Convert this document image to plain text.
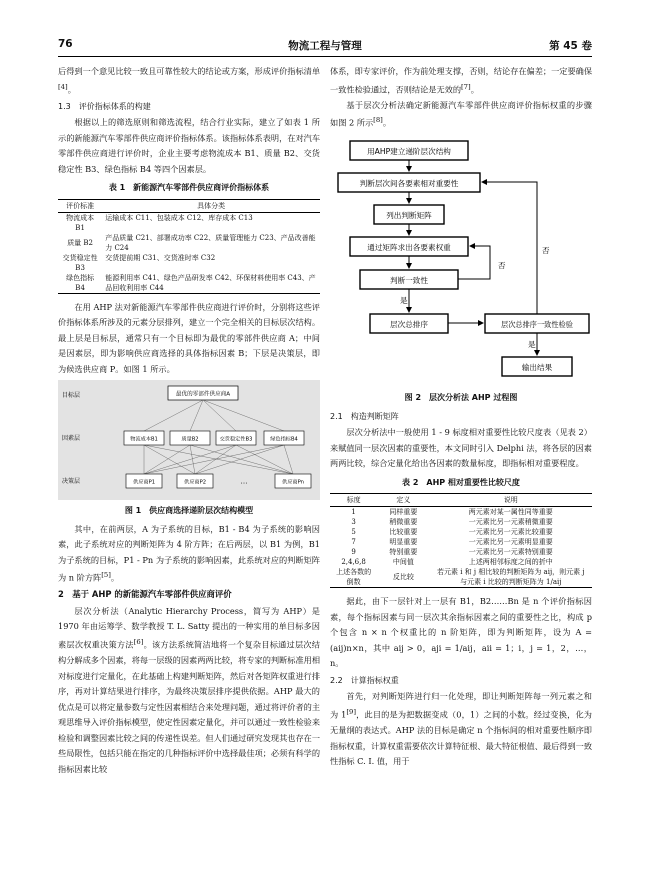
76	物流工程与管理	第 45 卷

后得到一个意见比较一致且可靠性较大的结论或方案，形成评价指标清单[4]。

1.3　评价指标体系的构建

根据以上的筛选原则和筛选流程，结合行业实际，建立了如表 1 所示的新能源汽车零部件供应商评价指标体系。该指标体系表明，在对汽车零部件供应商进行评价时，企业主要考虑物流成本 B1、质量 B2、交货稳定性 B3、绿色指标 B4 等四个因素层。

表 1　新能源汽车零部件供应商评价指标体系
评价标准	具体分类
物流成本 B1	运输成本 C11、包装成本 C12、库存成本 C13
质量 B2	产品质量 C21、部署成功率 C22、质量管理能力 C23、产品改善能力 C24
交货稳定性 B3	交货提前期 C31、交货准时率 C32
绿色指标 B4	能源利用率 C41、绿色产品研发率 C42、环保材料使用率 C43、产品回收利用率 C44

在用 AHP 法对新能源汽车零部件供应商进行评价时，分别将这些评价指标体系所涉及的元素分层排列，建立一个完全相关的目标层次结构。最上层是目标层，通常只有一个目标即为最优的零部件供应商 A；中间是因素层，即为影响供应商选择的具体指标因素 B；下层是决策层，即为候选供应商 P。如图 1 所示。

目标层
因素层
决策层
最优的零部件供应商A
物流成本B1	质量B2	交货稳定性B3	绿色指标B4
供应商P1	供应商P2	…	供应商Pn
图 1　供应商选择递阶层次结构模型

其中，在前两层，A 为子系统的目标，B1 - B4 为子系统的影响因素，此子系统对应的判断矩阵为 4 阶方阵；在后两层，以 B1 为例，B1 为子系统的目标，P1 - Pn 为子系统的影响因素，此系统对应的判断矩阵为 n 阶方阵[5]。

2　基于 AHP 的新能源汽车零部件供应商评价

层次分析法（Analytic Hierarchy Process，简写为 AHP）是 1970 年由运筹学、数学教授 T. L. Satty 提出的一种实用的单目标多因素层次权重决策方法[6]。该方法系统简洁地将一个复杂目标通过层次结构分解成多个因素，将每一层级的因素两两比较，将专家的判断标准用相对标度进行定量化，在此基础上构建判断矩阵，然后对各矩阵权重进行排序，再对计算结果进行排序，为最终决策层排序提供依据。AHP 最大的优点是可以将定量参数与定性因素相结合来处理问题，通过将评价者的主观思维导入评价指标模型，使定性因素定量化，并可以通过一致性检验来检验和调整因素比较之间的传递性误差。但人们通过研究发现其也存在一些局限性，包括只能在指定的几种指标评价中选择最佳项；必须有科学的指标因素比较

体系，即专家评价，作为前处理支撑，否则，结论存在偏差；一定要确保一致性检验通过，否则结论是无效的[7]。

基于层次分析法确定新能源汽车零部件供应商评价指标权重的步骤如图 2 所示[8]。

用AHP建立递阶层次结构
判断层次间各要素相对重要性
列出判断矩阵
通过矩阵求出各要素权重
判断一致性
否
是
层次总排序	层次总排序一致性检验
否
是
输出结果
图 2　层次分析法 AHP 过程图
2.1　构造判断矩阵

层次分析法中一般使用 1 - 9 标度相对重要性比较尺度表（见表 2）来赋值同一层次因素的重要性，本文同时引入 Delphi 法，将各层的因素两两比较，综合定量化给出各因素的数量标度，即指标相对重要程度。

表 2　AHP 相对重要性比较尺度
标度	定义	说明
1	同样重要	两元素对某一属性同等重要
3	稍微重要	一元素比另一元素稍微重要
5	比较重要	一元素比另一元素比较重要
7	明显重要	一元素比另一元素明显重要
9	特别重要	一元素比另一元素特别重要
2,4,6,8	中间值	上述两相邻标度之间的折中
上述各数的倒数	反比较	若元素 i 和 j 相比较的判断矩阵为 aij，则元素 j 与元素 i 比较的判断矩阵为 1/aij

据此，由下一层针对上一层有 B1，B2……Bn 是 n 个评价指标因素，每个指标因素与同一层次其余指标因素之间的重要性之比，构成 p 个包含 n × n 个权重比的 n 阶矩阵，即为判断矩阵，设为 A = (aij)n×n，其中 aij > 0，aji = 1/aij，aii = 1；i，j = 1，2，…，n。

2.2　计算指标权重

首先，对判断矩阵进行归一化处理，即让判断矩阵每一列元素之和为 1[9]，此目的是为把数据变成（0，1）之间的小数。经过变换，化为无量纲的表达式。AHP 法的目标是确定 n 个指标间的相对重要性顺序即指标权重，计算权重需要依次计算特征根、最大特征根值、最后得到一致性指标 C. I. 值，用于
